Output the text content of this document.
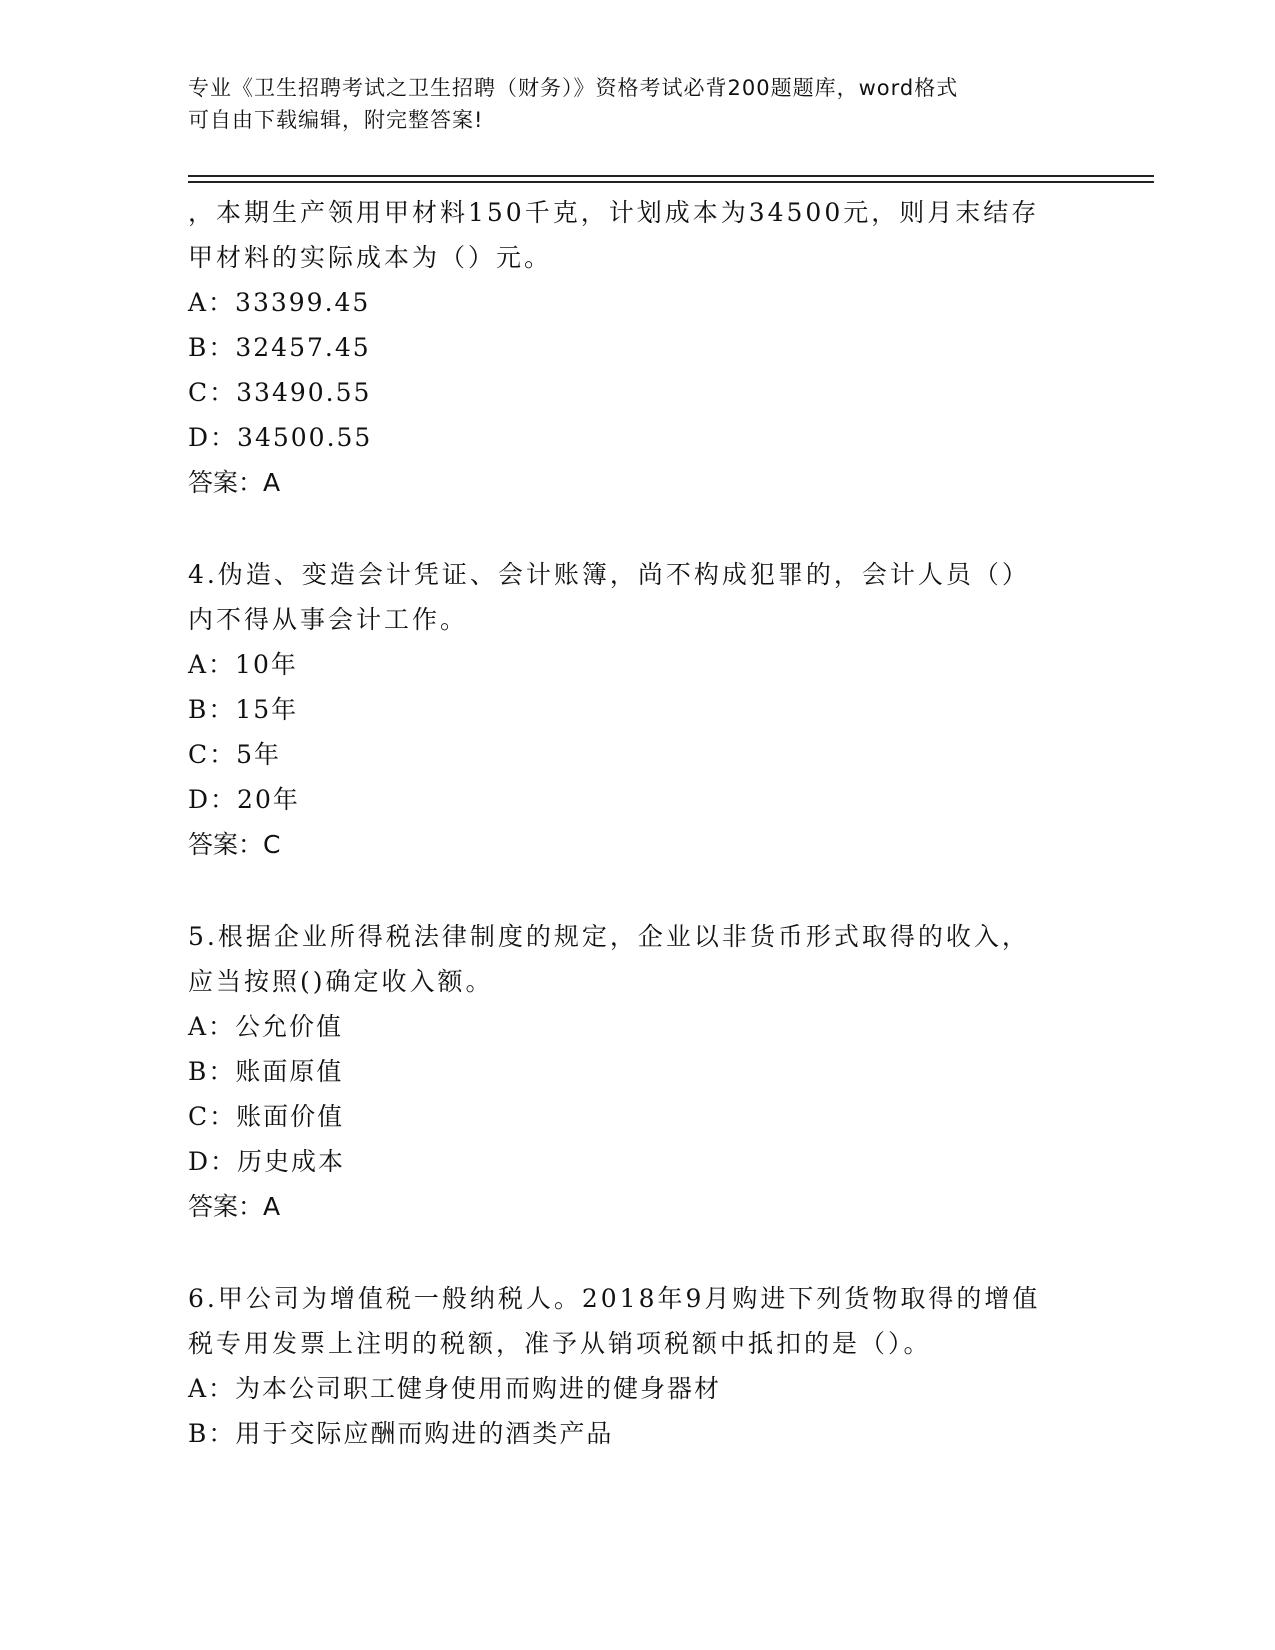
专业《卫生招聘考试之卫生招聘（财务）》资格考试必背200题题库，word格式
可自由下载编辑，附完整答案!
，本期生产领用甲材料150千克，计划成本为34500元，则月末结存
甲材料的实际成本为（）元。
A：33399.45
B：32457.45
C：33490.55
D：34500.55
答案：A
4.伪造、变造会计凭证、会计账簿，尚不构成犯罪的，会计人员（）
内不得从事会计工作。
A：10年
B：15年
C：5年
D：20年
答案：C
5.根据企业所得税法律制度的规定，企业以非货币形式取得的收入，
应当按照()确定收入额。
A：公允价值
B：账面原值
C：账面价值
D：历史成本
答案：A
6.甲公司为增值税一般纳税人。2018年9月购进下列货物取得的增值
税专用发票上注明的税额，准予从销项税额中抵扣的是（）。
A：为本公司职工健身使用而购进的健身器材
B：用于交际应酬而购进的酒类产品
